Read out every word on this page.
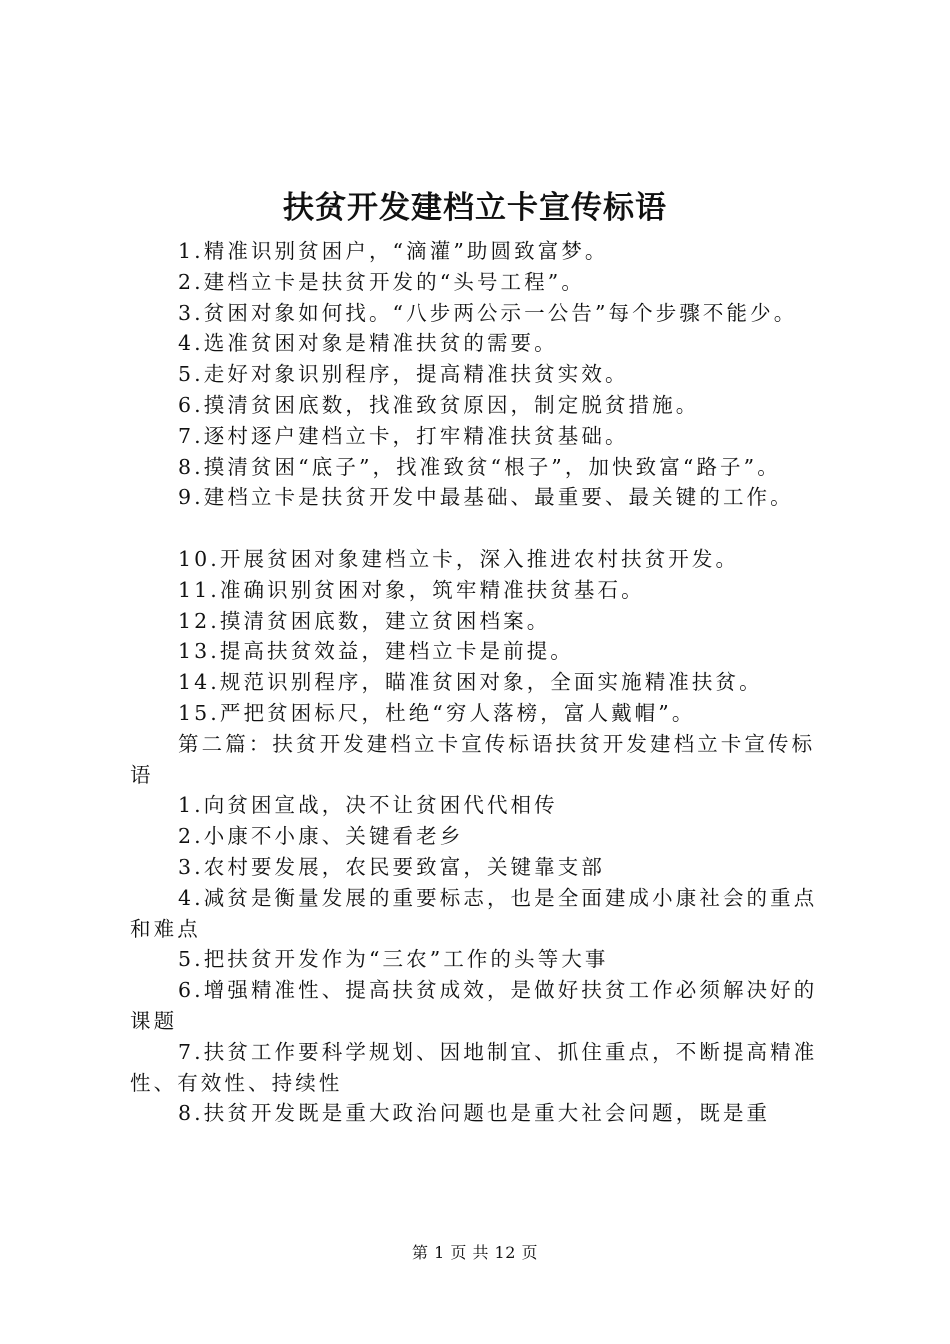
扶贫开发建档立卡宣传标语

1.精准识别贫困户，“滴灌”助圆致富梦。

2.建档立卡是扶贫开发的“头号工程”。

3.贫困对象如何找。“八步两公示一公告”每个步骤不能少。

4.选准贫困对象是精准扶贫的需要。

5.走好对象识别程序，提高精准扶贫实效。

6.摸清贫困底数，找准致贫原因，制定脱贫措施。

7.逐村逐户建档立卡，打牢精准扶贫基础。

8.摸清贫困“底子”，找准致贫“根子”，加快致富“路子”。

9.建档立卡是扶贫开发中最基础、最重要、最关键的工作。

10.开展贫困对象建档立卡，深入推进农村扶贫开发。

11.准确识别贫困对象，筑牢精准扶贫基石。

12.摸清贫困底数，建立贫困档案。

13.提高扶贫效益，建档立卡是前提。

14.规范识别程序，瞄准贫困对象，全面实施精准扶贫。

15.严把贫困标尺，杜绝“穷人落榜，富人戴帽”。

第二篇：扶贫开发建档立卡宣传标语扶贫开发建档立卡宣传标语

1.向贫困宣战，决不让贫困代代相传

2.小康不小康、关键看老乡

3.农村要发展，农民要致富，关键靠支部

4.减贫是衡量发展的重要标志，也是全面建成小康社会的重点和难点

5.把扶贫开发作为“三农”工作的头等大事

6.增强精准性、提高扶贫成效，是做好扶贫工作必须解决好的课题

7.扶贫工作要科学规划、因地制宜、抓住重点，不断提高精准性、有效性、持续性

8.扶贫开发既是重大政治问题也是重大社会问题，既是重

第 1 页 共 12 页
